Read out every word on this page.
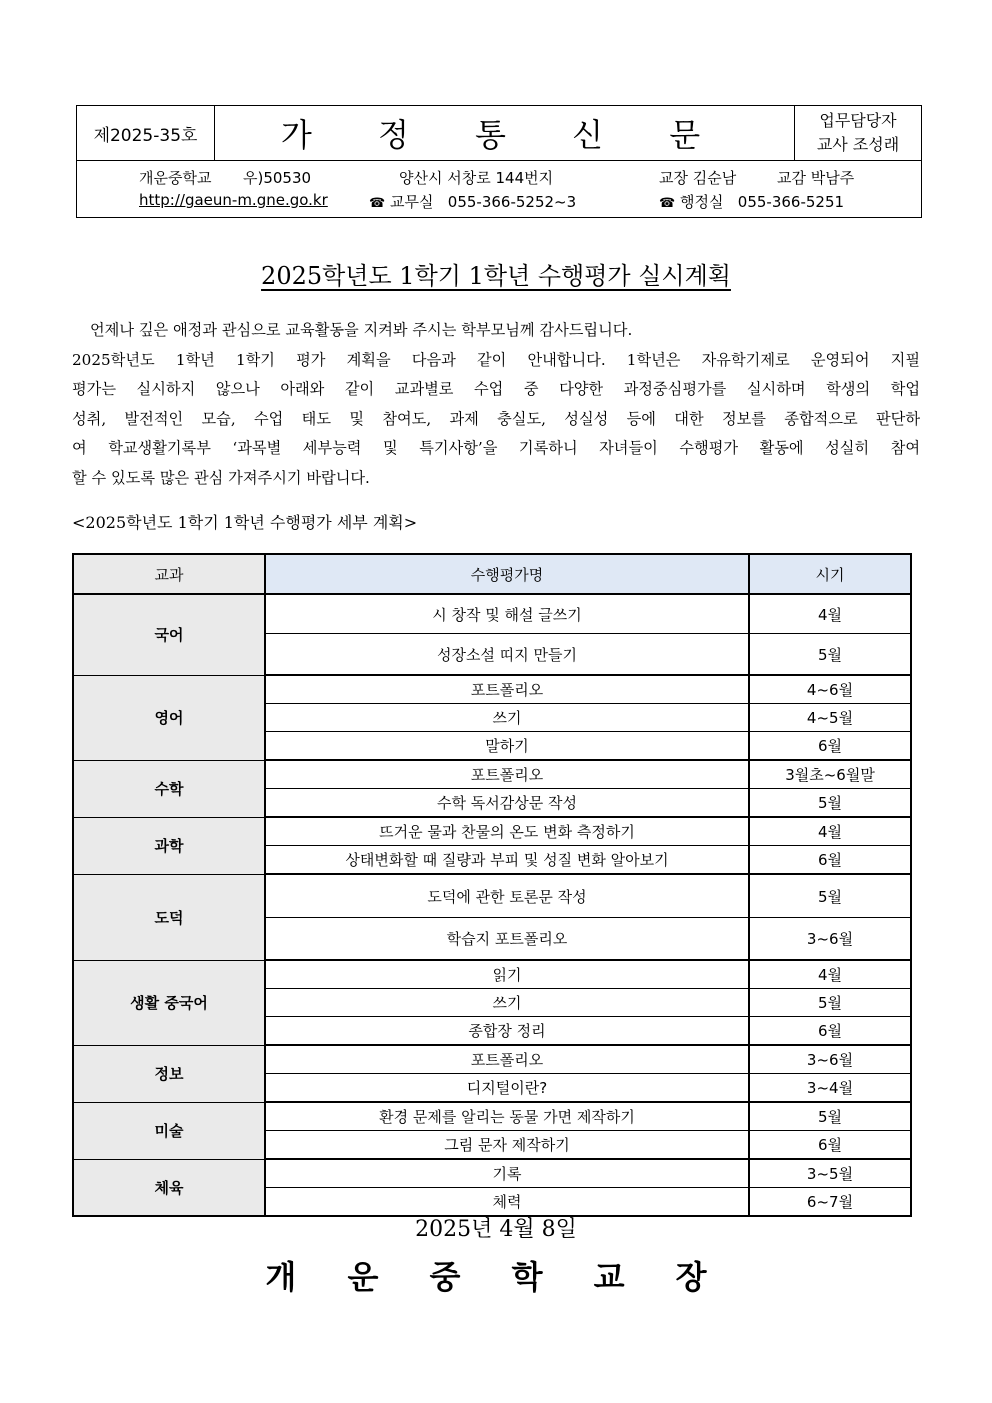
제2025-35호	가 정 통 신 문	업무담당자
교사 조성래

개운중학교 우)50530	양산시 서창로 144번지	교장 김순남	교감 박남주
http://gaeun-m.gne.go.kr	☎ 교무실 055-366-5252~3	☎ 행정실 055-366-5251
2025학년도 1학기 1학년 수행평가 실시계획
언제나 깊은 애정과 관심으로 교육활동을 지켜봐 주시는 학부모님께 감사드립니다.
2025학년도 1학년 1학기 평가 계획을 다음과 같이 안내합니다. 1학년은 자유학기제로 운영되어 지필
평가는 실시하지 않으나 아래와 같이 교과별로 수업 중 다양한 과정중심평가를 실시하며 학생의 학업
성취, 발전적인 모습, 수업 태도 및 참여도, 과제 충실도, 성실성 등에 대한 정보를 종합적으로 판단하
여 학교생활기록부 ‘과목별 세부능력 및 특기사항’을 기록하니 자녀들이 수행평가 활동에 성실히 참여
할 수 있도록 많은 관심 가져주시기 바랍니다.
<2025학년도 1학기 1학년 수행평가 세부 계획>
교과	수행평가명	시기
국어	시 창작 및 해설 글쓰기	4월
	성장소설 띠지 만들기	5월
영어	포트폴리오	4~6월
	쓰기	4~5월
	말하기	6월
수학	포트폴리오	3월초~6월말
	수학 독서감상문 작성	5월
과학	뜨거운 물과 찬물의 온도 변화 측정하기	4월
	상태변화할 때 질량과 부피 및 성질 변화 알아보기	6월
도덕	도덕에 관한 토론문 작성	5월
	학습지 포트폴리오	3~6월
생활 중국어	읽기	4월
	쓰기	5월
	종합장 정리	6월
정보	포트폴리오	3~6월
	디지털이란?	3~4월
미술	환경 문제를 알리는 동물 가면 제작하기	5월
	그림 문자 제작하기	6월
체육	기록	3~5월
	체력	6~7월
2025년 4월 8일
개 운 중 학 교 장
